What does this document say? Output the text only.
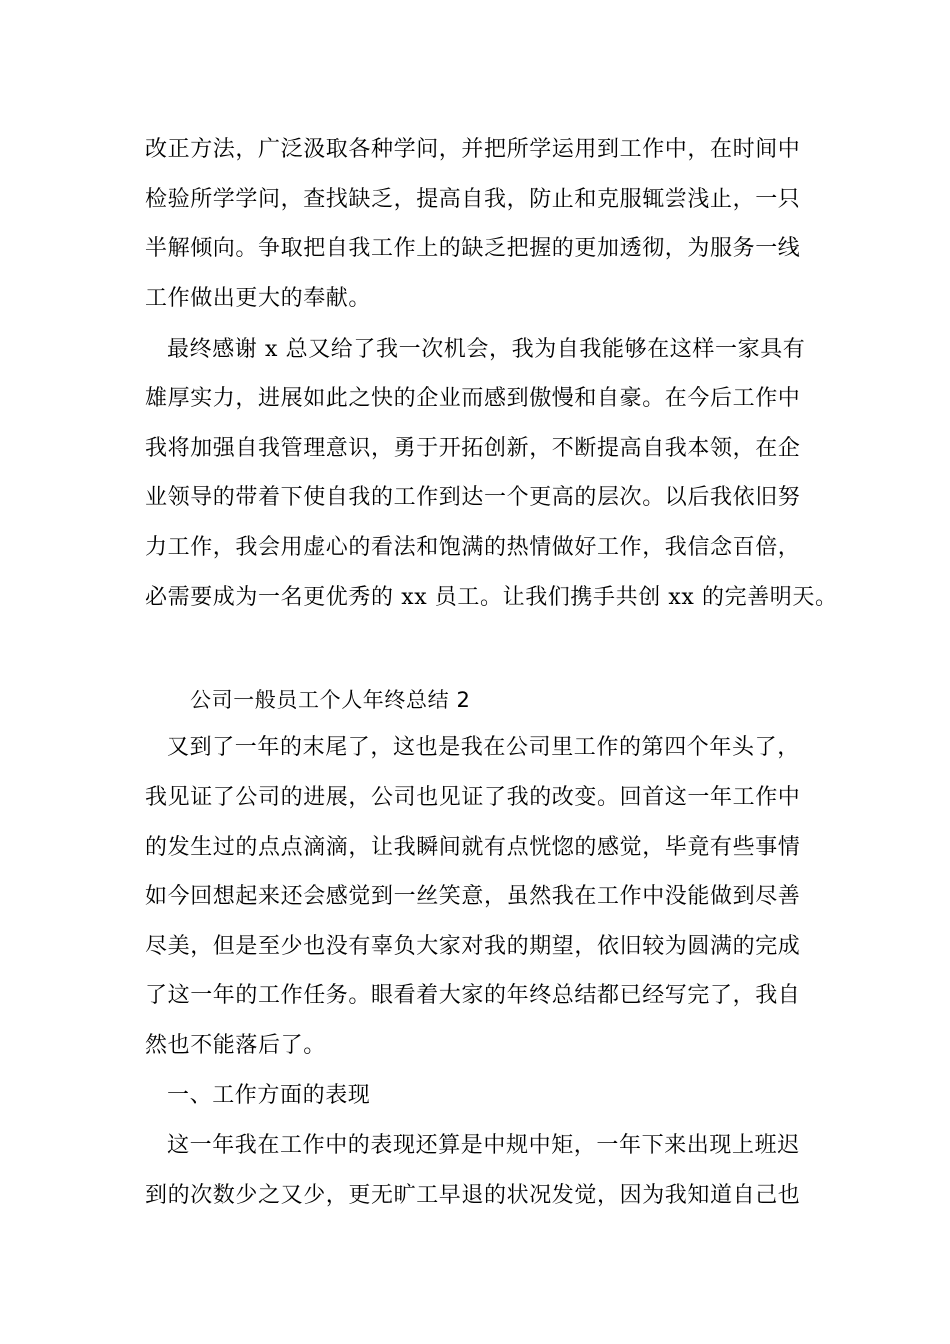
改正方法，广泛汲取各种学问，并把所学运用到工作中，在时间中
检验所学学问，查找缺乏，提高自我，防止和克服辄尝浅止，一只
半解倾向。争取把自我工作上的缺乏把握的更加透彻，为服务一线
工作做出更大的奉献。
最终感谢 x 总又给了我一次机会，我为自我能够在这样一家具有
雄厚实力，进展如此之快的企业而感到傲慢和自豪。在今后工作中
我将加强自我管理意识，勇于开拓创新，不断提高自我本领，在企
业领导的带着下使自我的工作到达一个更高的层次。以后我依旧努
力工作，我会用虚心的看法和饱满的热情做好工作，我信念百倍，
必需要成为一名更优秀的 xx 员工。让我们携手共创 xx 的完善明天。
公司一般员工个人年终总结 2
又到了一年的末尾了，这也是我在公司里工作的第四个年头了，
我见证了公司的进展，公司也见证了我的改变。回首这一年工作中
的发生过的点点滴滴，让我瞬间就有点恍惚的感觉，毕竟有些事情
如今回想起来还会感觉到一丝笑意，虽然我在工作中没能做到尽善
尽美，但是至少也没有辜负大家对我的期望，依旧较为圆满的完成
了这一年的工作任务。眼看着大家的年终总结都已经写完了，我自
然也不能落后了。
一、工作方面的表现
这一年我在工作中的表现还算是中规中矩，一年下来出现上班迟
到的次数少之又少，更无旷工早退的状况发觉，因为我知道自己也
